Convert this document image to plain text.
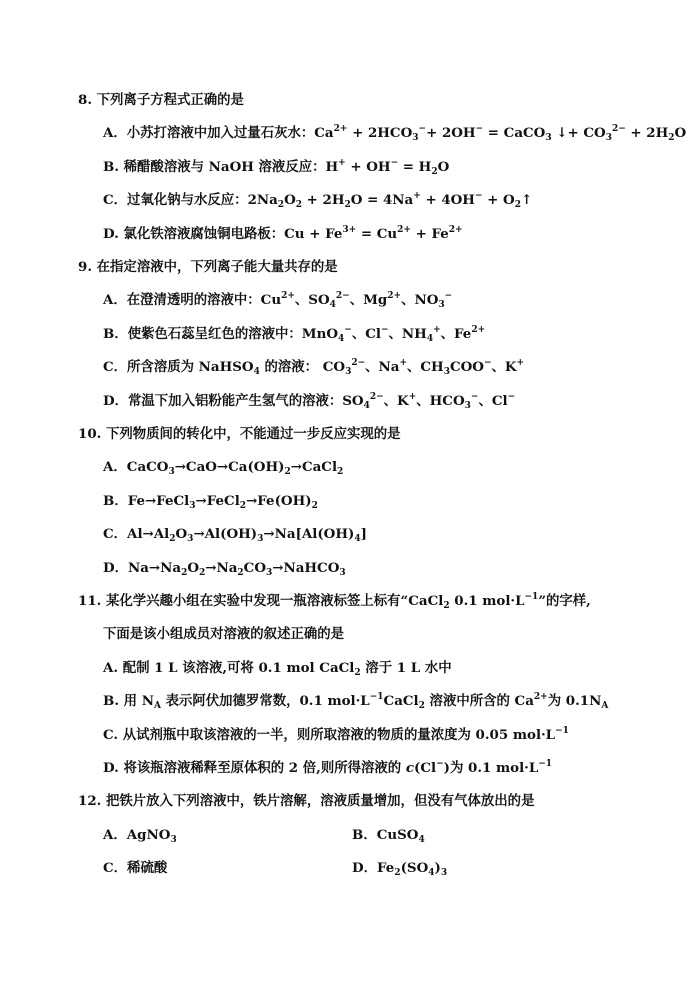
8. 下列离子方程式正确的是
A．小苏打溶液中加入过量石灰水：$Ca^{2+} + 2HCO_3^-+ 2OH^-$ = CaCO$_3$ ↓+ $CO_3^{2-} + 2H_2O$
B. 稀醋酸溶液与 NaOH 溶液反应：$H^+ + OH^- = H_2O$
C．过氧化钠与水反应：$2Na_2O_2 + 2H_2O = 4Na^+ + 4OH^-$ + $O_2↑$
D. 氯化铁溶液腐蚀铜电路板：$Cu + Fe^{3+} = Cu^{2+} + Fe^{2+}$
9. 在指定溶液中，下列离子能大量共存的是
A．在澄清透明的溶液中：$Cu^{2+}$、$SO_4^{2-}$、$Mg^{2+}$、$NO_3^-$
B．使紫色石蕊呈红色的溶液中：MnO$_4$−、Cl−、$NH_4^+$、$Fe^{2+}$
C．所含溶质为 NaHSO$_4$ 的溶液： $CO_3^{2-}$、Na+、$CH_3COO^-$、K+
D．常温下加入铝粉能产生氢气的溶液：$SO_4^{2-}$、K+、$HCO_3^-$、Cl−
10. 下列物质间的转化中，不能通过一步反应实现的是
A．$CaCO_3\to CaO\to Ca(OH)_2\to CaCl_2$
B．$Fe\to FeCl_3\to FeCl_2\to Fe(OH)_2$
C．$Al\to Al_2O_3\to Al(OH)_3\to Na[Al(OH)_4]$
D．$Na\to Na_2O_2\to Na_2CO_3\to NaHCO_3$
11. 某化学兴趣小组在实验中发现一瓶溶液标签上标有“CaCl$_2$ 0.1 $mol\cdot L^{-1}$”的字样,
下面是该小组成员对溶液的叙述正确的是
A. 配制 1 L 该溶液,可将 0.1 mol CaCl$_2$ 溶于 1 L 水中
B. 用 $N_A$ 表示阿伏加德罗常数，0.1 $mol\cdot L^{-1}CaCl_2$ 溶液中所含的 $Ca^{2+}$为 $0.1N_A$
C. 从试剂瓶中取该溶液的一半，则所取溶液的物质的量浓度为 0.05 $mol\cdot L^{-1}$
D. 将该瓶溶液稀释至原体积的 2 倍,则所得溶液的 c(Cl−)为 0.1 $mol\cdot L^{-1}$
12. 把铁片放入下列溶液中，铁片溶解，溶液质量增加，但没有气体放出的是
A．AgNO$_3$	B．CuSO$_4$
C．稀硫酸	D．$Fe_2(SO_4)_3$
